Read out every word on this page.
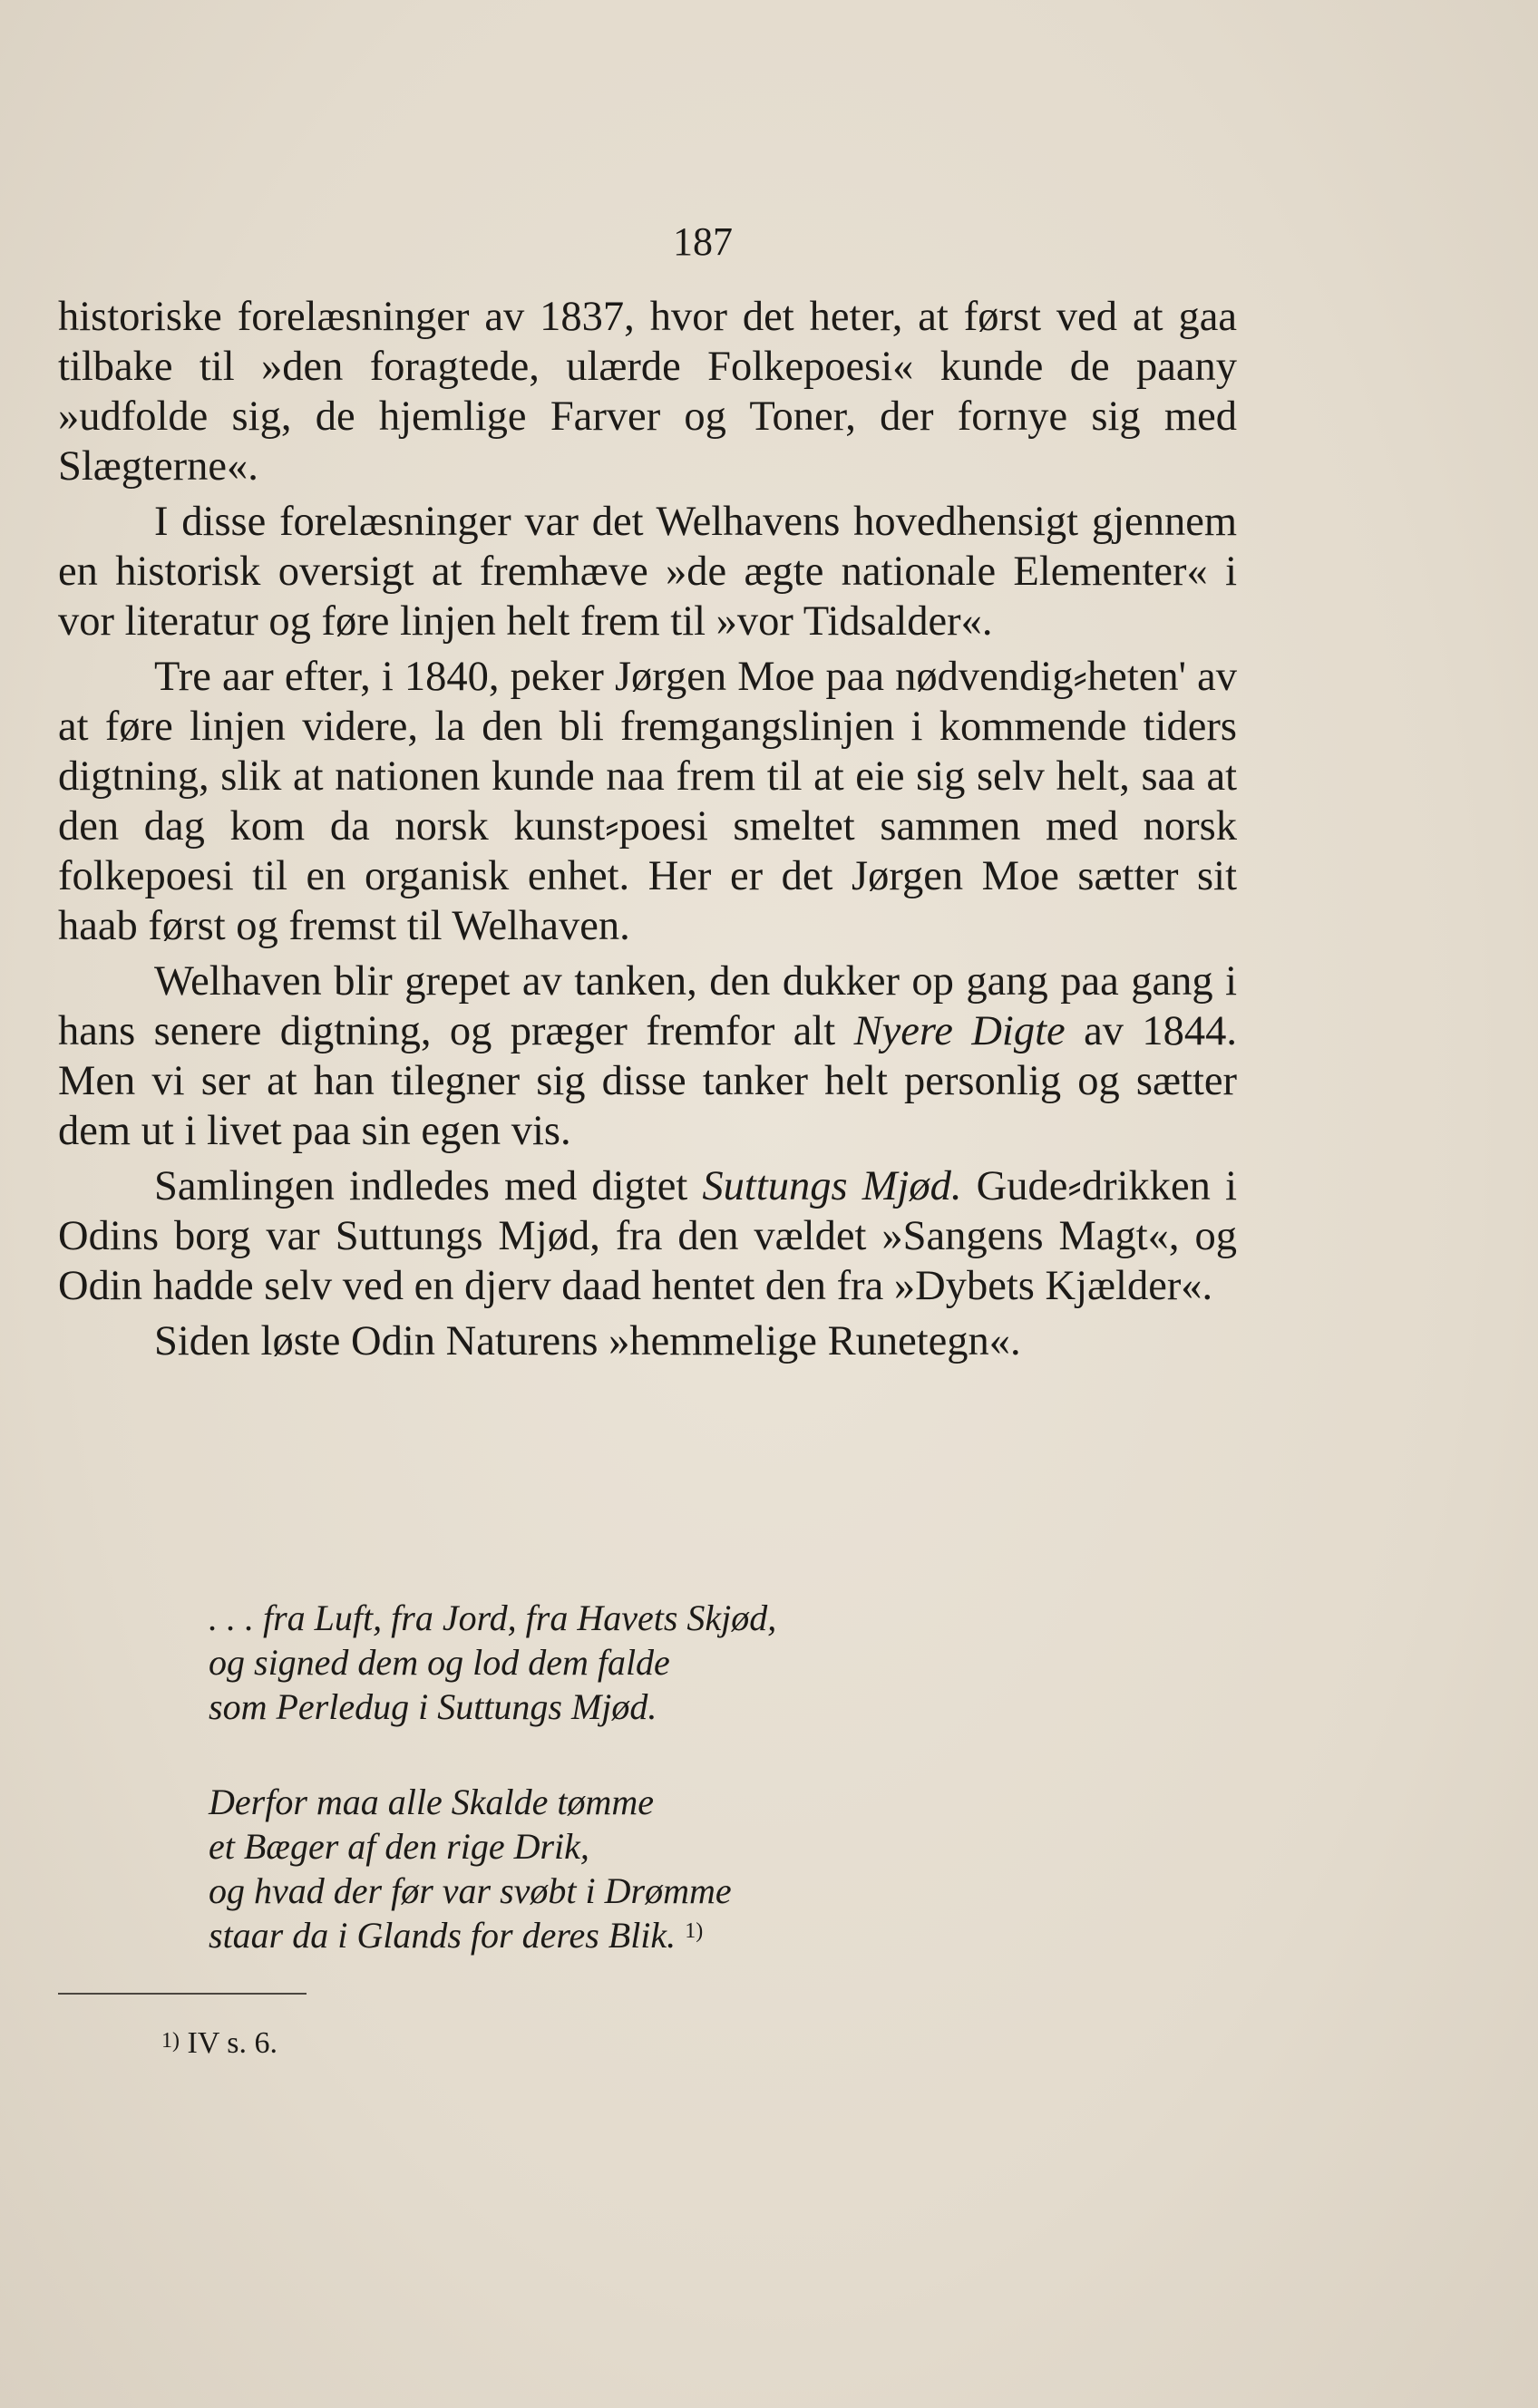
187

historiske forelæsninger av 1837, hvor det heter, at først ved at gaa tilbake til »den foragtede, ulærde Folkepoesi« kunde de paany »udfolde sig, de hjemlige Farver og Toner, der fornye sig med Slægterne«.

I disse forelæsninger var det Welhavens hovedhensigt gjennem en historisk oversigt at fremhæve »de ægte nationale Elementer« i vor literatur og føre linjen helt frem til »vor Tidsalder«.

Tre aar efter, i 1840, peker Jørgen Moe paa nødvendig⸗heten' av at føre linjen videre, la den bli fremgangslinjen i kommende tiders digtning, slik at nationen kunde naa frem til at eie sig selv helt, saa at den dag kom da norsk kunst⸗poesi smeltet sammen med norsk folkepoesi til en organisk enhet. Her er det Jørgen Moe sætter sit haab først og fremst til Welhaven.

Welhaven blir grepet av tanken, den dukker op gang paa gang i hans senere digtning, og præger fremfor alt Nyere Digte av 1844. Men vi ser at han tilegner sig disse tanker helt personlig og sætter dem ut i livet paa sin egen vis.

Samlingen indledes med digtet Suttungs Mjød. Gude⸗drikken i Odins borg var Suttungs Mjød, fra den vældet »Sangens Magt«, og Odin hadde selv ved en djerv daad hentet den fra »Dybets Kjælder«.

Siden løste Odin Naturens »hemmelige Runetegn«.

. . . fra Luft, fra Jord, fra Havets Skjød,
og signed dem og lod dem falde
som Perledug i Suttungs Mjød.
Derfor maa alle Skalde tømme
et Bæger af den rige Drik,
og hvad der før var svøbt i Drømme
staar da i Glands for deres Blik. $^{1)}$
1) IV s. 6.
